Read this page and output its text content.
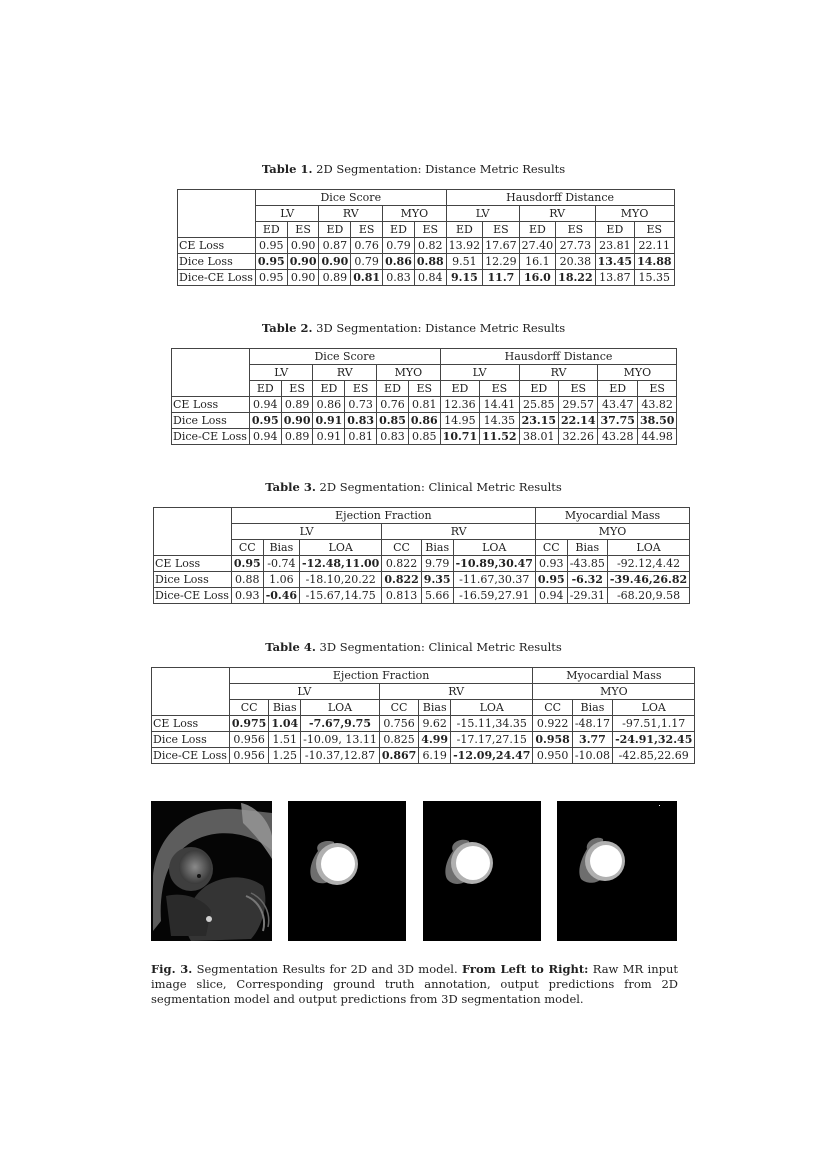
Table 1. 2D Segmentation: Distance Metric Results
	Dice Score						Hausdorff Distance					
	LV		RV		MYO		LV		RV		MYO	
	ED	ES	ED	ES	ED	ES	ED	ES	ED	ES	ED	ES
CE Loss	0.95	0.90	0.87	0.76	0.79	0.82	13.92	17.67	27.40	27.73	23.81	22.11
Dice Loss	0.95	0.90	0.90	0.79	0.86	0.88	9.51	12.29	16.1	20.38	13.45	14.88
Dice-CE Loss	0.95	0.90	0.89	0.81	0.83	0.84	9.15	11.7	16.0	18.22	13.87	15.35
Table 2. 3D Segmentation: Distance Metric Results
	Dice Score						Hausdorff Distance					
	LV		RV		MYO		LV		RV		MYO	
	ED	ES	ED	ES	ED	ES	ED	ES	ED	ES	ED	ES
CE Loss	0.94	0.89	0.86	0.73	0.76	0.81	12.36	14.41	25.85	29.57	43.47	43.82
Dice Loss	0.95	0.90	0.91	0.83	0.85	0.86	14.95	14.35	23.15	22.14	37.75	38.50
Dice-CE Loss	0.94	0.89	0.91	0.81	0.83	0.85	10.71	11.52	38.01	32.26	43.28	44.98
Table 3. 2D Segmentation: Clinical Metric Results
	Ejection Fraction						Myocardial Mass		
	LV			RV			MYO		
	CC	Bias	LOA	CC	Bias	LOA	CC	Bias	LOA
CE Loss	0.95	-0.74	-12.48,11.00	0.822	9.79	-10.89,30.47	0.93	-43.85	-92.12,4.42
Dice Loss	0.88	1.06	-18.10,20.22	0.822	9.35	-11.67,30.37	0.95	-6.32	-39.46,26.82
Dice-CE Loss	0.93	-0.46	-15.67,14.75	0.813	5.66	-16.59,27.91	0.94	-29.31	-68.20,9.58
Table 4. 3D Segmentation: Clinical Metric Results
	Ejection Fraction						Myocardial Mass		
	LV			RV			MYO		
	CC	Bias	LOA	CC	Bias	LOA	CC	Bias	LOA
CE Loss	0.975	1.04	-7.67,9.75	0.756	9.62	-15.11,34.35	0.922	-48.17	-97.51,1.17
Dice Loss	0.956	1.51	-10.09, 13.11	0.825	4.99	-17.17,27.15	0.958	3.77	-24.91,32.45
Dice-CE Loss	0.956	1.25	-10.37,12.87	0.867	6.19	-12.09,24.47	0.950	-10.08	-42.85,22.69
Fig. 3. Segmentation Results for 2D and 3D model. From Left to Right: Raw MR input image slice, Corresponding ground truth annotation, output predictions from 2D segmentation model and output predictions from 3D segmentation model.
